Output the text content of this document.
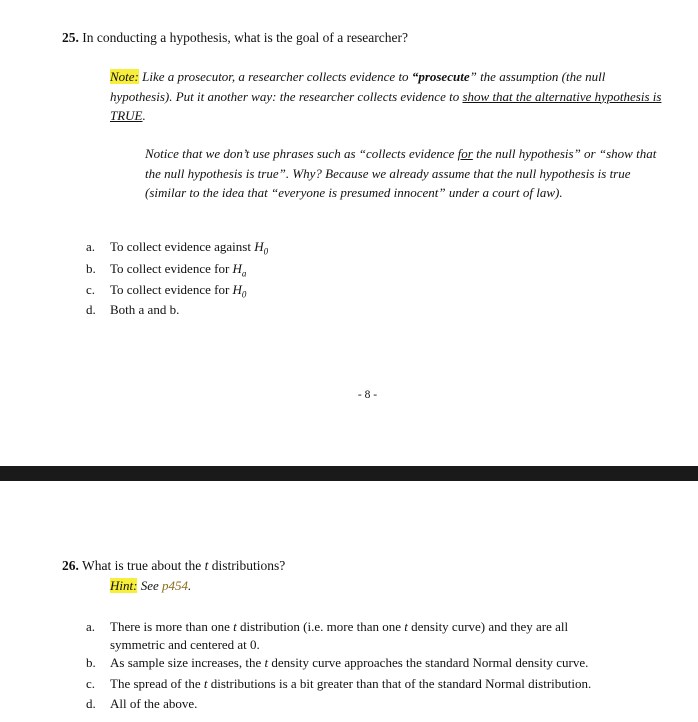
25. In conducting a hypothesis, what is the goal of a researcher?
Note: Like a prosecutor, a researcher collects evidence to “prosecute” the assumption (the null hypothesis). Put it another way: the researcher collects evidence to show that the alternative hypothesis is TRUE.
Notice that we don’t use phrases such as “collects evidence for the null hypothesis” or “show that the null hypothesis is true”. Why? Because we already assume that the null hypothesis is true (similar to the idea that “everyone is presumed innocent” under a court of law).
a.	To collect evidence against $H_0$
b.	To collect evidence for $H_a$
c.	To collect evidence for $H_0$
d.	Both a and b.
- 8 -
26. What is true about the t distributions?
Hint: See p454.
a.	There is more than one t distribution (i.e. more than one t density curve) and they are all
symmetric and centered at 0.
b.	As sample size increases, the t density curve approaches the standard Normal density curve.
c.	The spread of the t distributions is a bit greater than that of the standard Normal distribution.
d.	All of the above.
